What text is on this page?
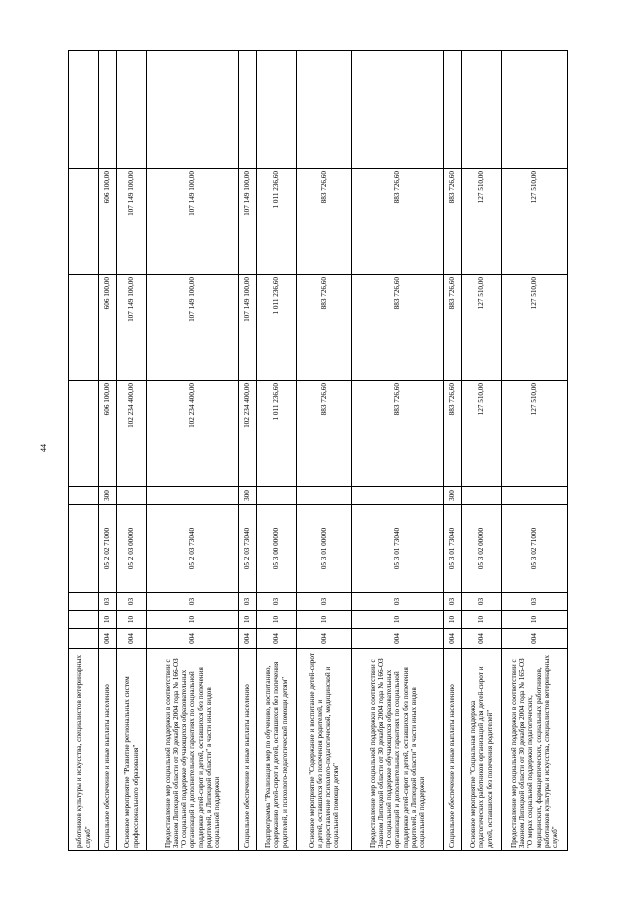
44
работников культуры и искусства, специалистов ветеринарных служб"									
Социальное обеспечение и иные выплаты населению	004	10	03	05 2 02 71000	300	606 100,00	606 100,00	606 100,00	
Основное мероприятие "Развитие региональных систем профессионального образования"	004	10	03	05 2 03 00000		102 234 400,00	107 149 100,00	107 149 100,00	
Предоставление мер социальной поддержки в соответствии с Законом Липецкой области от 30 декабря 2004 года № 166-ОЗ "О социальной поддержке обучающихся образовательных организаций и дополнительных гарантиях по социальной поддержке детей-сирот и детей, оставшихся без попечения родителей, в Липецкой области" в части иных видов социальной поддержки	004	10	03	05 2 03 73040		102 234 400,00	107 149 100,00	107 149 100,00	
Социальное обеспечение и иные выплаты населению	004	10	03	05 2 03 73040	300	102 234 400,00	107 149 100,00	107 149 100,00	
Подпрограмма "Реализация мер по обучению, воспитанию, содержанию детей-сирот и детей, оставшихся без попечения родителей, и психолого-педагогической помощи детям"	004	10	03	05 3 00 00000		1 011 236,60	1 011 236,60	1 011 236,60	
Основное мероприятие "Содержание и воспитание детей-сирот и детей, оставшихся без попечения родителей, и предоставление психолого-педагогической, медицинской и социальной помощи детям"	004	10	03	05 3 01 00000		883 726,60	883 726,60	883 726,60	
Предоставление мер социальной поддержки в соответствии с Законом Липецкой области от 30 декабря 2004 года № 166-ОЗ "О социальной поддержке обучающихся образовательных организаций и дополнительных гарантиях по социальной поддержке детей-сирот и детей, оставшихся без попечения родителей, в Липецкой области" в части иных видов социальной поддержки	004	10	03	05 3 01 73040		883 726,60	883 726,60	883 726,60	
Социальное обеспечение и иные выплаты населению	004	10	03	05 3 01 73040	300	883 726,60	883 726,60	883 726,60	
Основное мероприятие "Социальная поддержка педагогических работников организаций для детей-сирот и детей, оставшихся без попечения родителей"	004	10	03	05 3 02 00000		127 510,00	127 510,00	127 510,00	
Предоставление мер социальной поддержки в соответствии с Законом Липецкой области от 30 декабря 2004 года № 165-ОЗ "О мерах социальной поддержки педагогических, медицинских, фармацевтических, социальных работников, работников культуры и искусства, специалистов ветеринарных служб"	004	10	03	05 3 02 71000		127 510,00	127 510,00	127 510,00	
